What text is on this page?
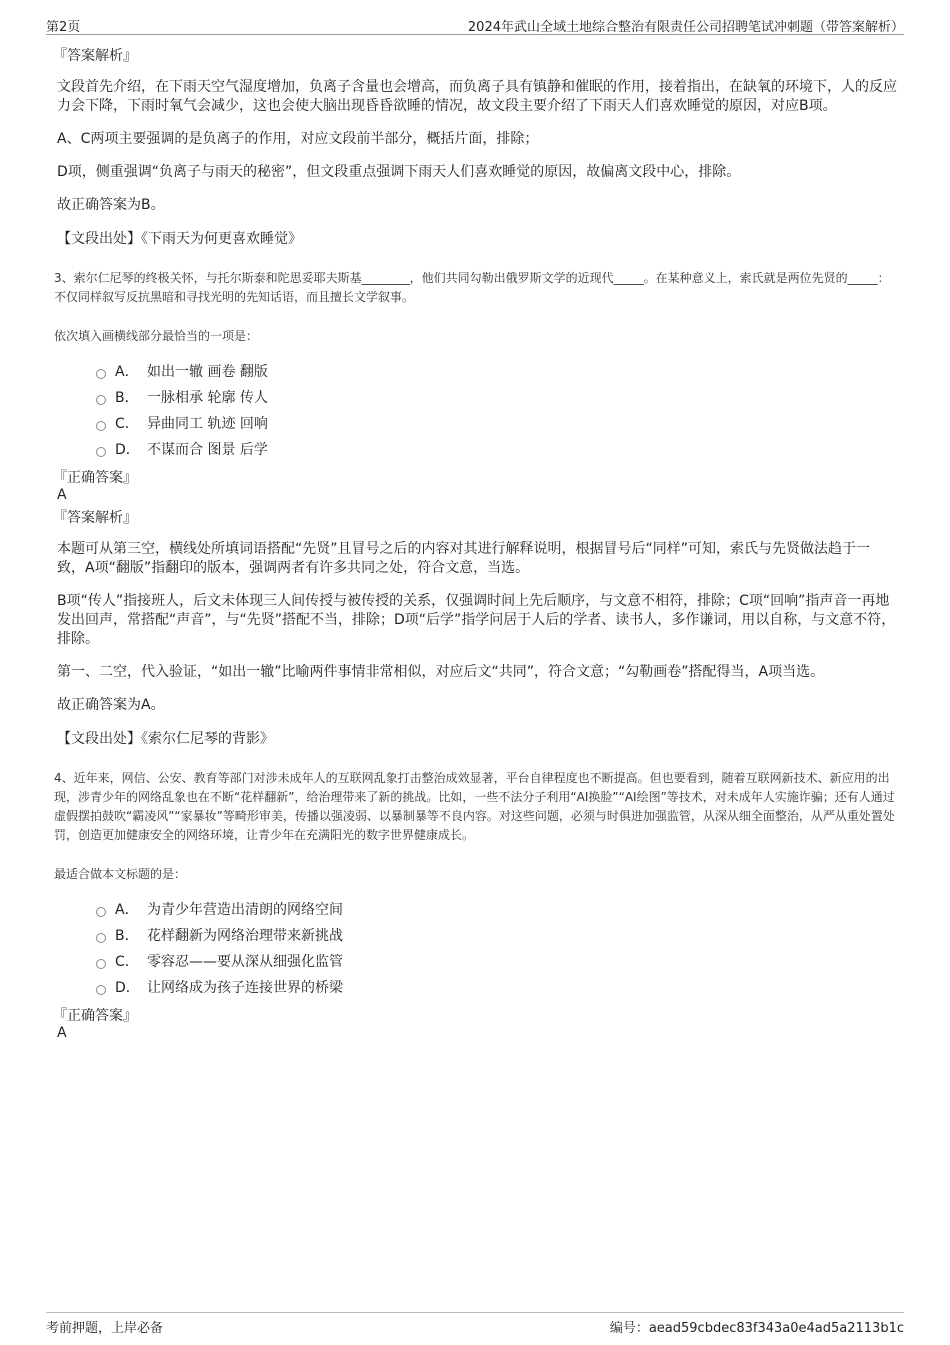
第2页	2024年武山全域土地综合整治有限责任公司招聘笔试冲刺题（带答案解析）

『答案解析』

文段首先介绍，在下雨天空气湿度增加，负离子含量也会增高，而负离子具有镇静和催眠的作用，接着指出，在缺氧的环境下，人的反应力会下降，下雨时氧气会减少，这也会使大脑出现昏昏欲睡的情况，故文段主要介绍了下雨天人们喜欢睡觉的原因，对应B项。

A、C两项主要强调的是负离子的作用，对应文段前半部分，概括片面，排除；

D项，侧重强调“负离子与雨天的秘密”，但文段重点强调下雨天人们喜欢睡觉的原因，故偏离文段中心，排除。

故正确答案为B。

【文段出处】《下雨天为何更喜欢睡觉》

3、索尔仁尼琴的终极关怀，与托尔斯泰和陀思妥耶夫斯基________，他们共同勾勒出俄罗斯文学的近现代_____。在某种意义上，索氏就是两位先贤的_____：不仅同样叙写反抗黑暗和寻找光明的先知话语，而且擅长文学叙事。

依次填入画横线部分最恰当的一项是：

A． 如出一辙 画卷 翻版
B． 一脉相承 轮廓 传人
C． 异曲同工 轨迹 回响
D． 不谋而合 图景 后学

『正确答案』

A

『答案解析』

本题可从第三空，横线处所填词语搭配“先贤”且冒号之后的内容对其进行解释说明，根据冒号后“同样”可知，索氏与先贤做法趋于一致，A项“翻版”指翻印的版本，强调两者有许多共同之处，符合文意，当选。

B项“传人”指接班人，后文未体现三人间传授与被传授的关系，仅强调时间上先后顺序，与文意不相符，排除；C项“回响”指声音一再地发出回声，常搭配“声音”，与“先贤”搭配不当，排除；D项“后学”指学问居于人后的学者、读书人，多作谦词，用以自称，与文意不符，排除。

第一、二空，代入验证，“如出一辙”比喻两件事情非常相似，对应后文“共同”，符合文意；“勾勒画卷”搭配得当，A项当选。

故正确答案为A。

【文段出处】《索尔仁尼琴的背影》

4、近年来，网信、公安、教育等部门对涉未成年人的互联网乱象打击整治成效显著，平台自律程度也不断提高。但也要看到，随着互联网新技术、新应用的出现，涉青少年的网络乱象也在不断“花样翻新”，给治理带来了新的挑战。比如，一些不法分子利用“AI换脸”“AI绘图”等技术，对未成年人实施诈骗；还有人通过虚假摆拍鼓吹“霸凌风”“家暴妆”等畸形审美，传播以强凌弱、以暴制暴等不良内容。对这些问题，必须与时俱进加强监管，从深从细全面整治，从严从重处置处罚，创造更加健康安全的网络环境，让青少年在充满阳光的数字世界健康成长。

最适合做本文标题的是：

A． 为青少年营造出清朗的网络空间
B． 花样翻新为网络治理带来新挑战
C． 零容忍——要从深从细强化监管
D． 让网络成为孩子连接世界的桥梁

『正确答案』

A

考前押题，上岸必备	编号：aead59cbdec83f343a0e4ad5a2113b1c
